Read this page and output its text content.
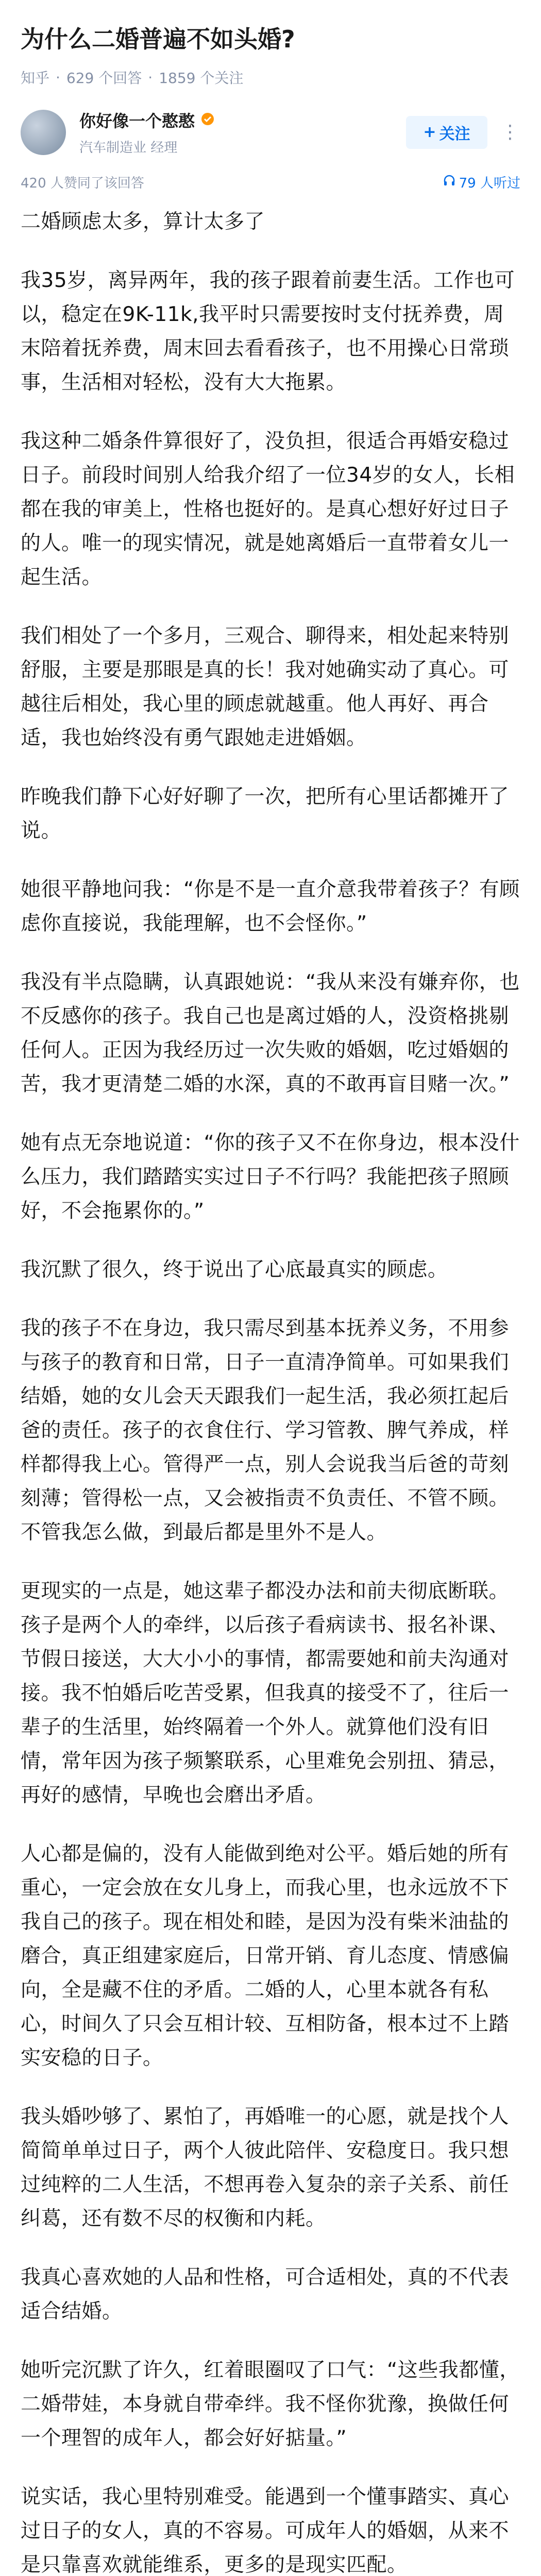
为什么二婚普遍不如头婚?
知乎 · 629 个回答 · 1859 个关注
你好像一个憨憨
汽车制造业 经理
+ 关注 ⋮
420 人赞同了该回答	79 人听过

二婚顾虑太多，算计太多了

我35岁，离异两年，我的孩子跟着前妻生活。工作也可以，稳定在9K-11k,我平时只需要按时支付抚养费，周末陪着抚养费，周末回去看看孩子，也不用操心日常琐事，生活相对轻松，没有大大拖累。

我这种二婚条件算很好了，没负担，很适合再婚安稳过日子。前段时间别人给我介绍了一位34岁的女人，长相都在我的审美上，性格也挺好的。是真心想好好过日子的人。唯一的现实情况，就是她离婚后一直带着女儿一起生活。

我们相处了一个多月，三观合、聊得来，相处起来特别舒服，主要是那眼是真的长！我对她确实动了真心。可越往后相处，我心里的顾虑就越重。他人再好、再合适，我也始终没有勇气跟她走进婚姻。

昨晚我们静下心好好聊了一次，把所有心里话都摊开了说。

她很平静地问我：“你是不是一直介意我带着孩子？有顾虑你直接说，我能理解，也不会怪你。”

我没有半点隐瞒，认真跟她说：“我从来没有嫌弃你，也不反感你的孩子。我自己也是离过婚的人，没资格挑剔任何人。正因为我经历过一次失败的婚姻，吃过婚姻的苦，我才更清楚二婚的水深，真的不敢再盲目赌一次。”

她有点无奈地说道：“你的孩子又不在你身边，根本没什么压力，我们踏踏实实过日子不行吗？我能把孩子照顾好，不会拖累你的。”

我沉默了很久，终于说出了心底最真实的顾虑。

我的孩子不在身边，我只需尽到基本抚养义务，不用参与孩子的教育和日常，日子一直清净简单。可如果我们结婚，她的女儿会天天跟我们一起生活，我必须扛起后爸的责任。孩子的衣食住行、学习管教、脾气养成，样样都得我上心。管得严一点，别人会说我当后爸的苛刻刻薄；管得松一点，又会被指责不负责任、不管不顾。不管我怎么做，到最后都是里外不是人。

更现实的一点是，她这辈子都没办法和前夫彻底断联。孩子是两个人的牵绊，以后孩子看病读书、报名补课、节假日接送，大大小小的事情，都需要她和前夫沟通对接。我不怕婚后吃苦受累，但我真的接受不了，往后一辈子的生活里，始终隔着一个外人。就算他们没有旧情，常年因为孩子频繁联系，心里难免会别扭、猜忌，再好的感情，早晚也会磨出矛盾。

人心都是偏的，没有人能做到绝对公平。婚后她的所有重心，一定会放在女儿身上，而我心里，也永远放不下我自己的孩子。现在相处和睦，是因为没有柴米油盐的磨合，真正组建家庭后，日常开销、育儿态度、情感偏向，全是藏不住的矛盾。二婚的人，心里本就各有私心，时间久了只会互相计较、互相防备，根本过不上踏实安稳的日子。

我头婚吵够了、累怕了，再婚唯一的心愿，就是找个人简简单单过日子，两个人彼此陪伴、安稳度日。我只想过纯粹的二人生活，不想再卷入复杂的亲子关系、前任纠葛，还有数不尽的权衡和内耗。

我真心喜欢她的人品和性格，可合适相处，真的不代表适合结婚。

她听完沉默了许久，红着眼圈叹了口气：“这些我都懂，二婚带娃，本身就自带牵绊。我不怪你犹豫，换做任何一个理智的成年人，都会好好掂量。”

说实话，我心里特别难受。能遇到一个懂事踏实、真心过日子的女人，真的不容易。可成年人的婚姻，从来不是只靠喜欢就能维系，更多的是现实匹配。
